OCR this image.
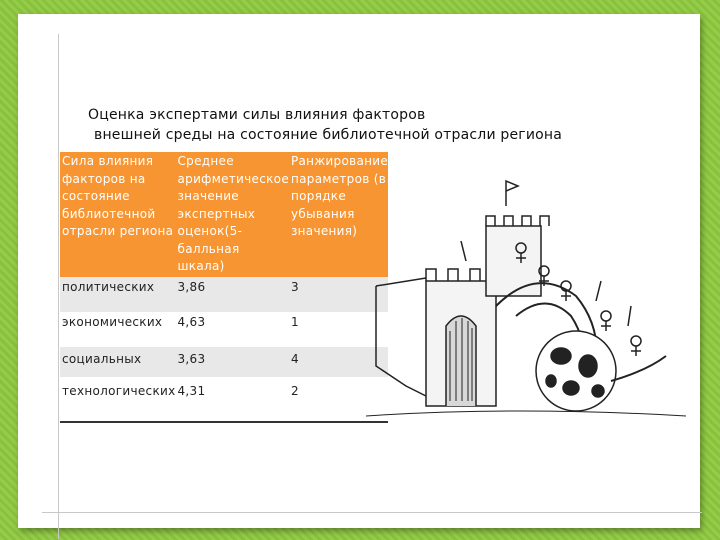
Оценка экспертами силы влияния факторов
внешней среды на состояние библиотечной отрасли региона
Сила влияния факторов на состояние библиотечной отрасли региона	Среднее арифметическое значение экспертных оценок(5-балльная шкала)	Ранжирование параметров (в порядке убывания значения)
политических	3,86	3
экономических	4,63	1
социальных	3,63	4
технологических	4,31	2
